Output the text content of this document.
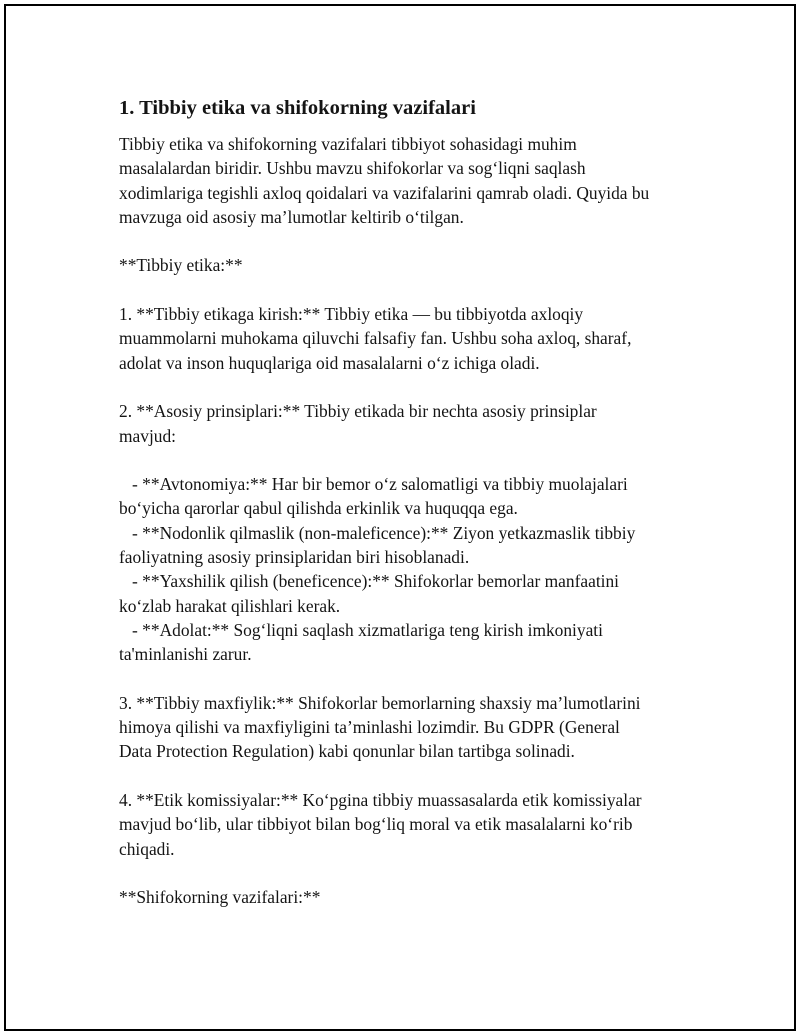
1. Tibbiy etika va shifokorning vazifalari
Tibbiy etika va shifokorning vazifalari tibbiyot sohasidagi muhim
masalalardan biridir. Ushbu mavzu shifokorlar va sog‘liqni saqlash
xodimlariga tegishli axloq qoidalari va vazifalarini qamrab oladi. Quyida bu
mavzuga oid asosiy ma’lumotlar keltirib o‘tilgan.
**Tibbiy etika:**
1. **Tibbiy etikaga kirish:** Tibbiy etika — bu tibbiyotda axloqiy
muammolarni muhokama qiluvchi falsafiy fan. Ushbu soha axloq, sharaf,
adolat va inson huquqlariga oid masalalarni o‘z ichiga oladi.
2. **Asosiy prinsiplari:** Tibbiy etikada bir nechta asosiy prinsiplar
mavjud:
- **Avtonomiya:** Har bir bemor o‘z salomatligi va tibbiy muolajalari
bo‘yicha qarorlar qabul qilishda erkinlik va huquqqa ega.
- **Nodonlik qilmaslik (non-maleficence):** Ziyon yetkazmaslik tibbiy
faoliyatning asosiy prinsiplaridan biri hisoblanadi.
- **Yaxshilik qilish (beneficence):** Shifokorlar bemorlar manfaatini
ko‘zlab harakat qilishlari kerak.
- **Adolat:** Sog‘liqni saqlash xizmatlariga teng kirish imkoniyati
ta'minlanishi zarur.
3. **Tibbiy maxfiylik:** Shifokorlar bemorlarning shaxsiy ma’lumotlarini
himoya qilishi va maxfiyligini ta’minlashi lozimdir. Bu GDPR (General
Data Protection Regulation) kabi qonunlar bilan tartibga solinadi.
4. **Etik komissiyalar:** Ko‘pgina tibbiy muassasalarda etik komissiyalar
mavjud bo‘lib, ular tibbiyot bilan bog‘liq moral va etik masalalarni ko‘rib
chiqadi.
**Shifokorning vazifalari:**
